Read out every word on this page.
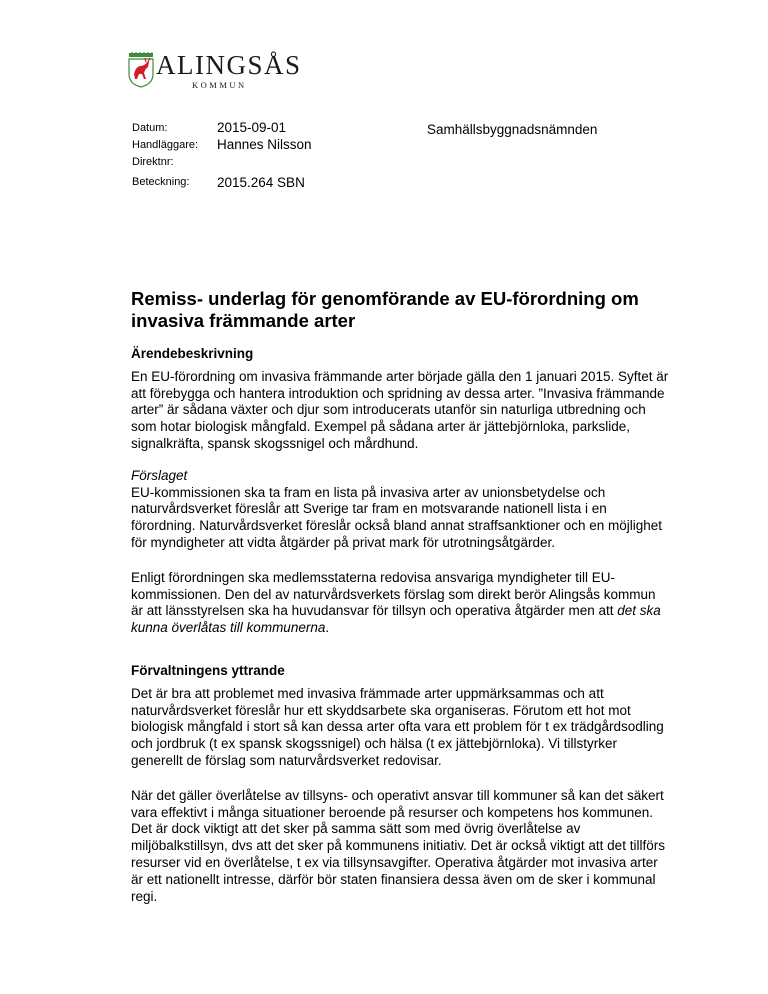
ALINGSÅS
KOMMUN
Datum:	2015-09-01
Handläggare: Hannes Nilsson
Direktnr:
Beteckning: 2015.264 SBN
Samhällsbyggnadsnämnden
Remiss- underlag för genomförande av EU-förordning om invasiva främmande arter
Ärendebeskrivning

En EU-förordning om invasiva främmande arter började gälla den 1 januari 2015. Syftet är att förebygga och hantera introduktion och spridning av dessa arter. ”Invasiva främmande arter” är sådana växter och djur som introducerats utanför sin naturliga utbredning och som hotar biologisk mångfald. Exempel på sådana arter är jättebjörnloka, parkslide, signalkräfta, spansk skogssnigel och mårdhund.

Förslaget

EU-kommissionen ska ta fram en lista på invasiva arter av unionsbetydelse och naturvårdsverket föreslår att Sverige tar fram en motsvarande nationell lista i en förordning. Naturvårdsverket föreslår också bland annat straffsanktioner och en möjlighet för myndigheter att vidta åtgärder på privat mark för utrotningsåtgärder.

Enligt förordningen ska medlemsstaterna redovisa ansvariga myndigheter till EU-kommissionen. Den del av naturvårdsverkets förslag som direkt berör Alingsås kommun är att länsstyrelsen ska ha huvudansvar för tillsyn och operativa åtgärder men att det ska kunna överlåtas till kommunerna.

Förvaltningens yttrande

Det är bra att problemet med invasiva främmade arter uppmärksammas och att naturvårdsverket föreslår hur ett skyddsarbete ska organiseras. Förutom ett hot mot biologisk mångfald i stort så kan dessa arter ofta vara ett problem för t ex trädgårdsodling och jordbruk (t ex spansk skogssnigel) och hälsa (t ex jättebjörnloka). Vi tillstyrker generellt de förslag som naturvårdsverket redovisar.

När det gäller överlåtelse av tillsyns- och operativt ansvar till kommuner så kan det säkert vara effektivt i många situationer beroende på resurser och kompetens hos kommunen. Det är dock viktigt att det sker på samma sätt som med övrig överlåtelse av miljöbalkstillsyn, dvs att det sker på kommunens initiativ. Det är också viktigt att det tillförs resurser vid en överlåtelse, t ex via tillsynsavgifter. Operativa åtgärder mot invasiva arter är ett nationellt intresse, därför bör staten finansiera dessa även om de sker i kommunal regi.
